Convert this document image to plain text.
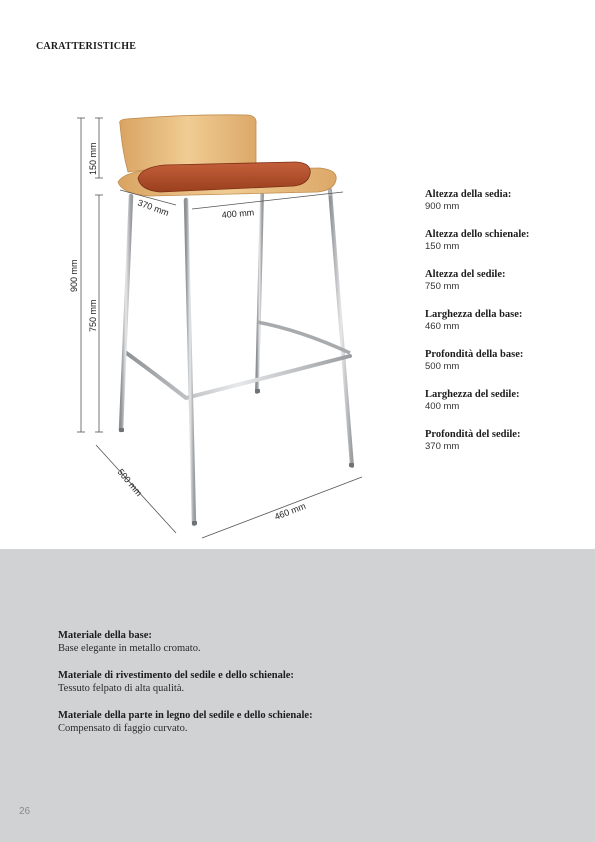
CARATTERISTICHE
900 mm
150 mm
750 mm
370 mm	400 mm
500 mm
460 mm
Altezza della sedia:
900 mm
Altezza dello schienale:
150 mm
Altezza del sedile:
750 mm
Larghezza della base:
460 mm
Profondità della base:
500 mm
Larghezza del sedile:
400 mm
Profondità del sedile:
370 mm
Materiale della base:
Base elegante in metallo cromato.
Materiale di rivestimento del sedile e dello schienale:
Tessuto felpato di alta qualità.
Materiale della parte in legno del sedile e dello schienale:
Compensato di faggio curvato.
26
